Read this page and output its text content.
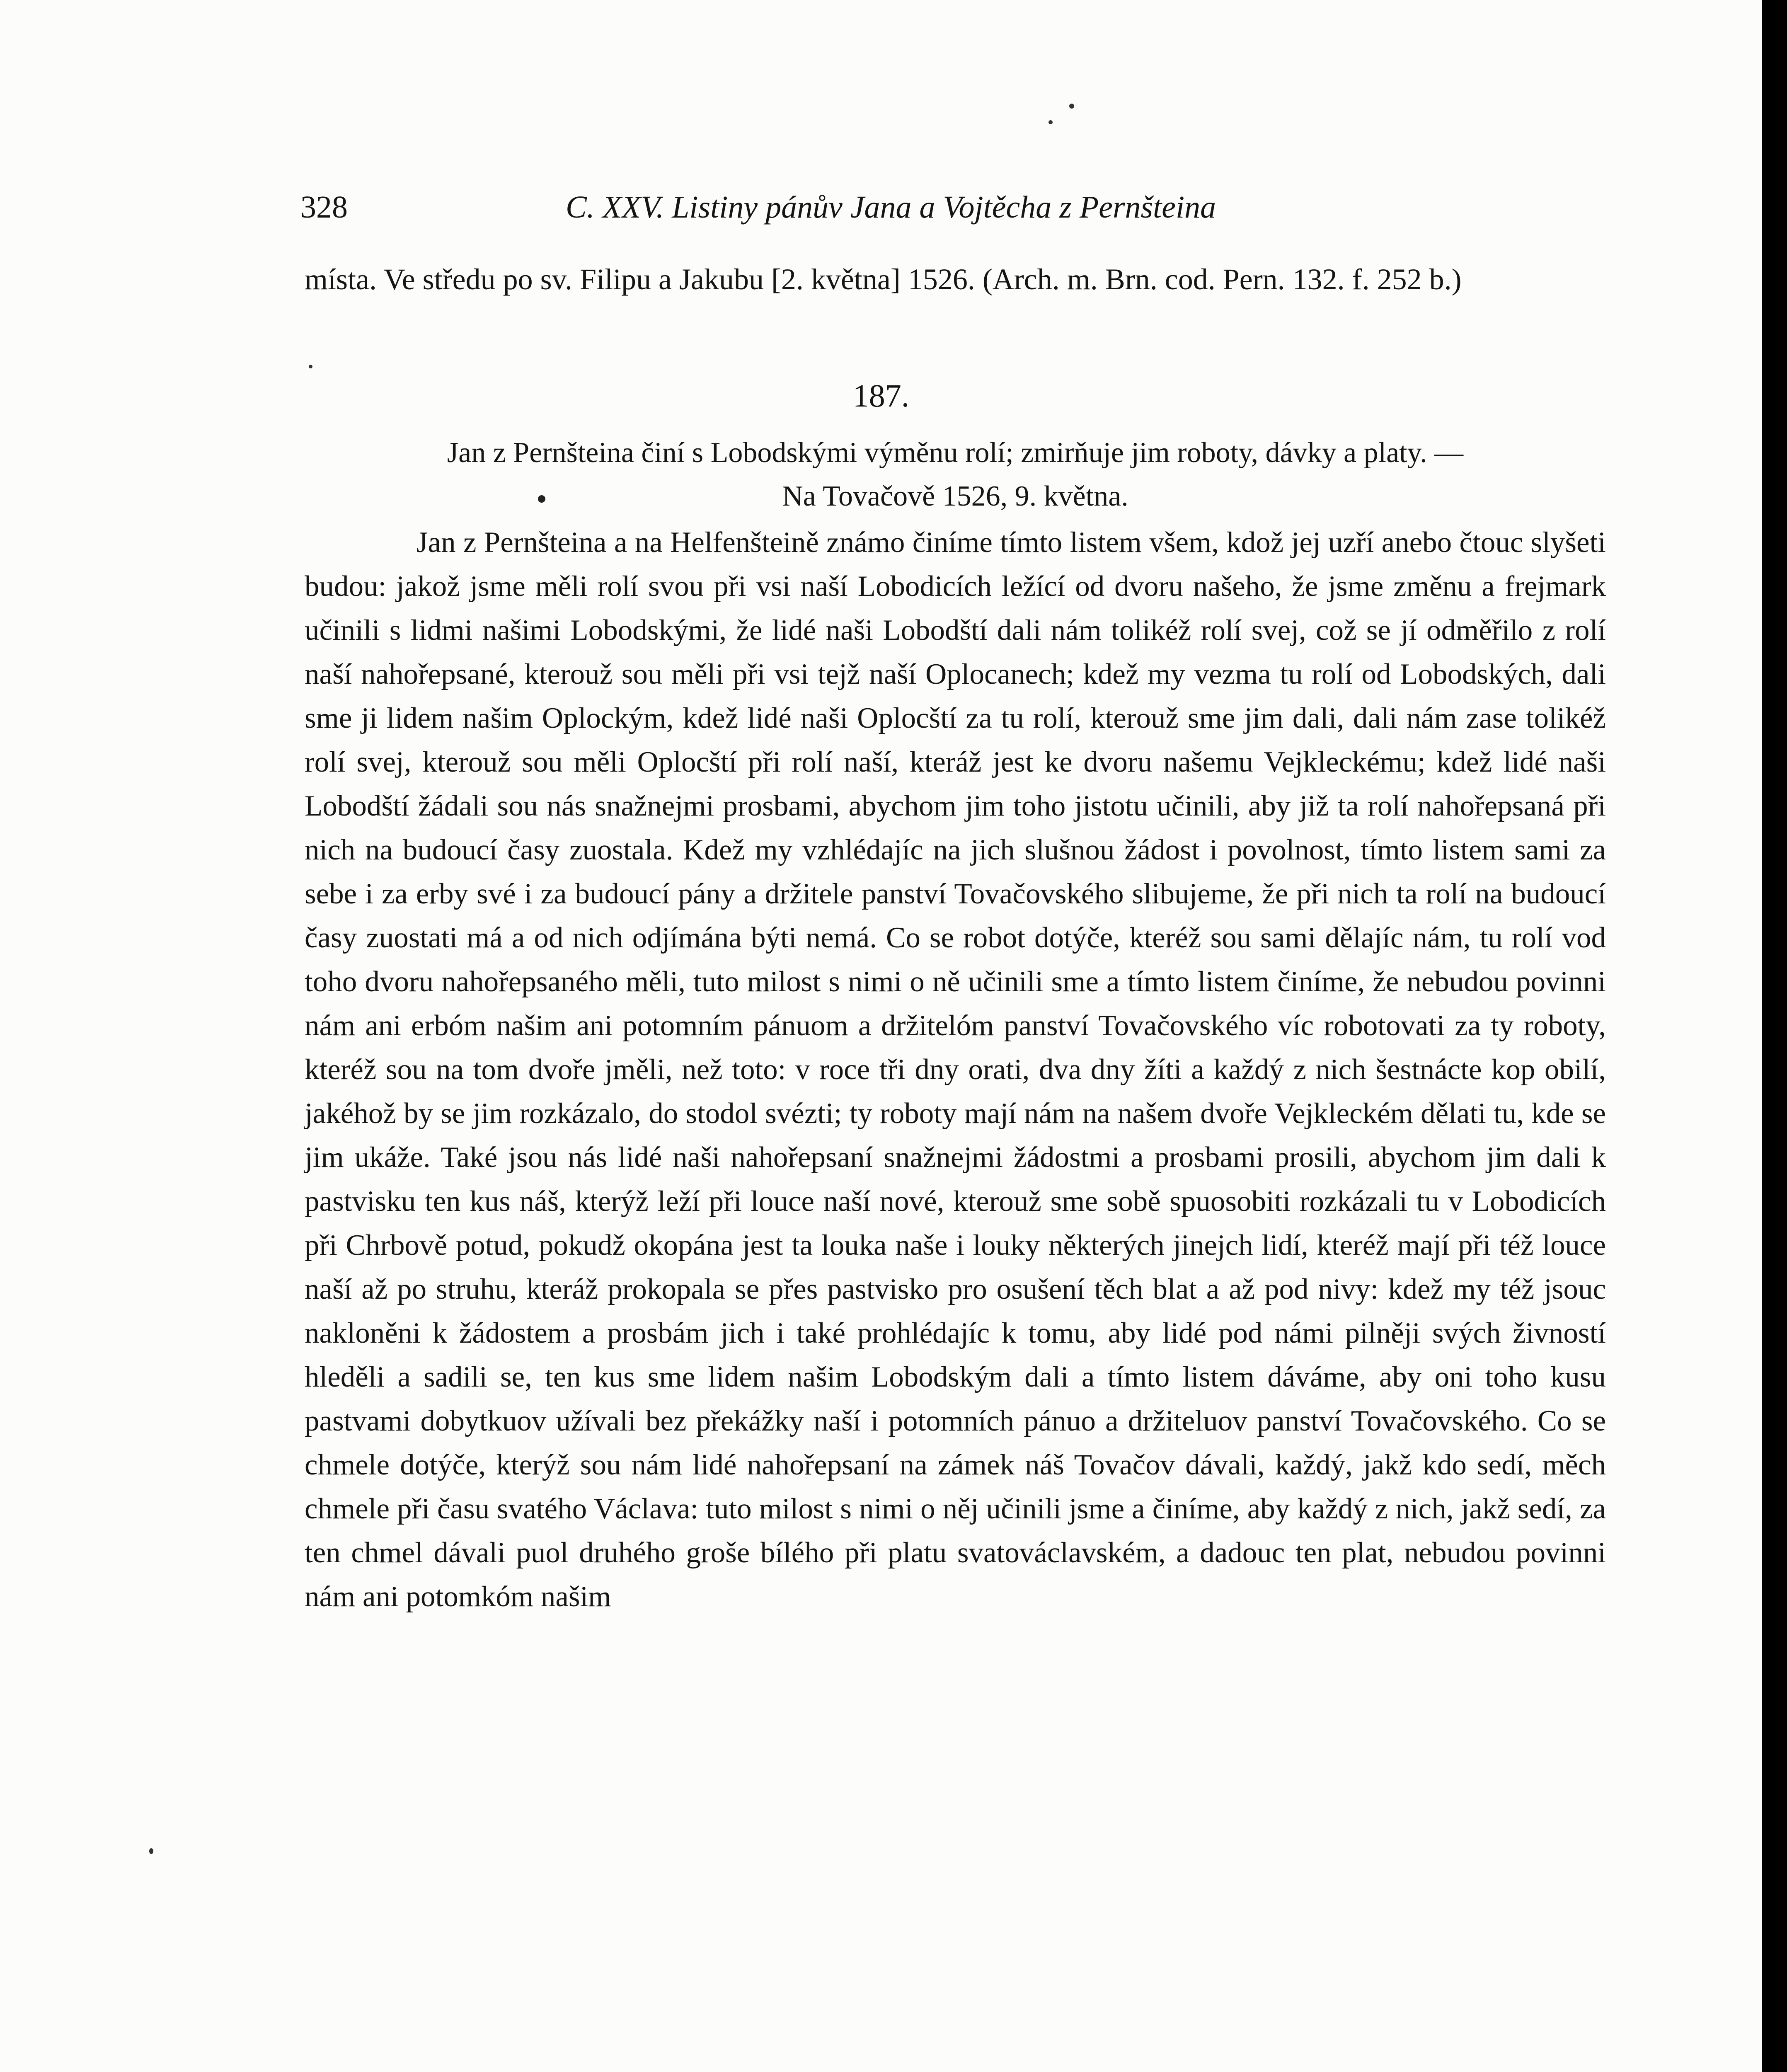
328	C. XXV. Listiny pánův Jana a Vojtěcha z Pernšteina
místa. Ve středu po sv. Filipu a Jakubu [2. května] 1526. (Arch. m. Brn. cod. Pern. 132. f. 252 b.)
187.
Jan z Pernšteina činí s Lobodskými výměnu rolí; zmirňuje jim roboty, dávky a platy. —
Na Tovačově 1526, 9. května.
Jan z Pernšteina a na Helfenšteině známo činíme tímto listem všem, kdož jej uzří anebo čtouc slyšeti budou: jakož jsme měli rolí svou při vsi naší Lobodicích ležící od dvoru našeho, že jsme změnu a frejmark učinili s lidmi našimi Lobodskými, že lidé naši Lobodští dali nám tolikéž rolí svej, což se jí odměřilo z rolí naší nahořepsané, kterouž sou měli při vsi tejž naší Oplocanech; kdež my vezma tu rolí od Lobodských, dali sme ji lidem našim Oplockým, kdež lidé naši Oplocští za tu rolí, kterouž sme jim dali, dali nám zase tolikéž rolí svej, kterouž sou měli Oplocští při rolí naší, kteráž jest ke dvoru našemu Vejkleckému; kdež lidé naši Lobodští žádali sou nás snažnejmi prosbami, abychom jim toho jistotu učinili, aby již ta rolí nahořepsaná při nich na budoucí časy zuostala. Kdež my vzhlédajíc na jich slušnou žádost i povolnost, tímto listem sami za sebe i za erby své i za budoucí pány a držitele panství Tovačovského slibujeme, že při nich ta rolí na budoucí časy zuostati má a od nich odjímána býti nemá. Co se robot dotýče, kteréž sou sami dělajíc nám, tu rolí vod toho dvoru nahořepsaného měli, tuto milost s nimi o ně učinili sme a tímto listem činíme, že nebudou povinni nám ani erbóm našim ani potomním pánuom a držitelóm panství Tovačovského víc robotovati za ty roboty, kteréž sou na tom dvoře jměli, než toto: v roce tři dny orati, dva dny žíti a každý z nich šestnácte kop obilí, jakéhož by se jim rozkázalo, do stodol svézti; ty roboty mají nám na našem dvoře Vejkleckém dělati tu, kde se jim ukáže. Také jsou nás lidé naši nahořepsaní snažnejmi žádostmi a prosbami prosili, abychom jim dali k pastvisku ten kus náš, kterýž leží při louce naší nové, kterouž sme sobě spuosobiti rozkázali tu v Lobodicích při Chrbově potud, pokudž okopána jest ta louka naše i louky některých jinejch lidí, kteréž mají při též louce naší až po struhu, kteráž prokopala se přes pastvisko pro osušení těch blat a až pod nivy: kdež my též jsouc nakloněni k žádostem a prosbám jich i také prohlédajíc k tomu, aby lidé pod námi pilněji svých živností hleděli a sadili se, ten kus sme lidem našim Lobodským dali a tímto listem dáváme, aby oni toho kusu pastvami dobytkuov užívali bez překážky naší i potomních pánuo a držiteluov panství Tovačovského. Co se chmele dotýče, kterýž sou nám lidé nahořepsaní na zámek náš Tovačov dávali, každý, jakž kdo sedí, měch chmele při času svatého Václava: tuto milost s nimi o něj učinili jsme a činíme, aby každý z nich, jakž sedí, za ten chmel dávali puol druhého groše bílého při platu svatováclavském, a dadouc ten plat, nebudou povinni nám ani potomkóm našim
